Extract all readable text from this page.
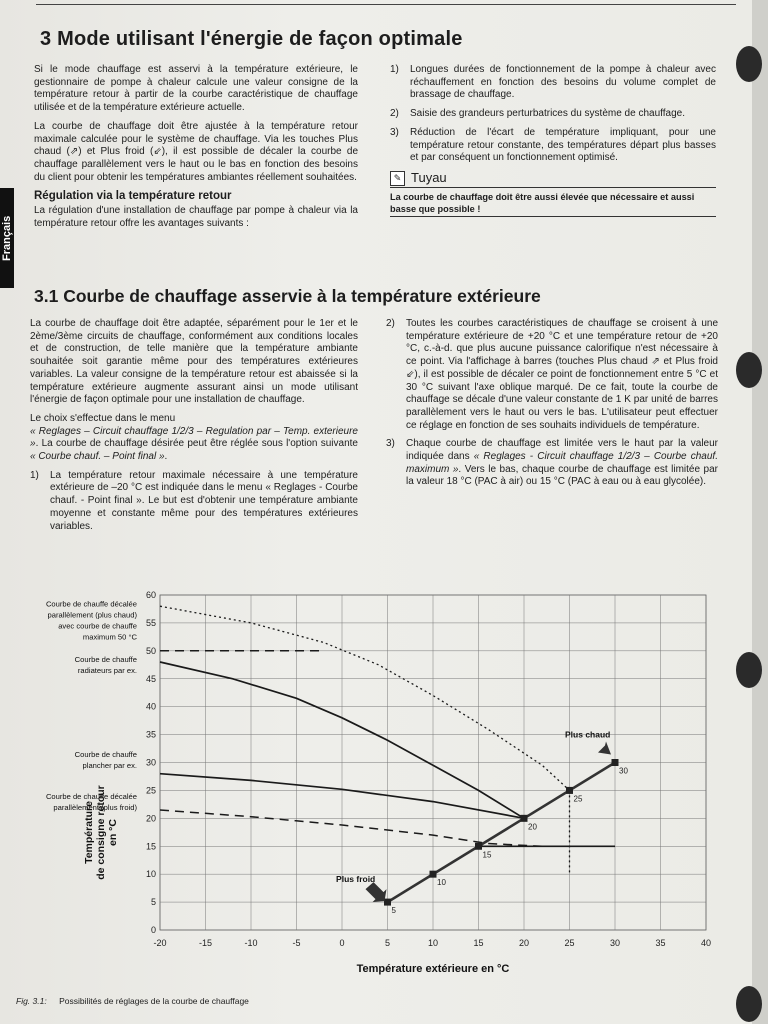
Français
3 Mode utilisant l'énergie de façon optimale

Si le mode chauffage est asservi à la température extérieure, le gestionnaire de pompe à chaleur calcule une valeur consigne de la température retour à partir de la courbe caractéristique de chauffage utilisée et de la température extérieure actuelle.

La courbe de chauffage doit être ajustée à la température retour maximale calculée pour le système de chauffage. Via les touches Plus chaud (⇗) et Plus froid (⇙), il est possible de décaler la courbe de chauffage parallèlement vers le haut ou le bas en fonction des besoins du client pour obtenir les températures ambiantes réellement souhaitées.

Régulation via la température retour

La régulation d'une installation de chauffage par pompe à chaleur via la température retour offre les avantages suivants :

1)	Longues durées de fonctionnement de la pompe à chaleur avec réchauffement en fonction des besoins du volume complet de brassage de chauffage.
2)	Saisie des grandeurs perturbatrices du système de chauffage.
3)	Réduction de l'écart de température impliquant, pour une température retour constante, des températures départ plus basses et par conséquent un fonctionnement optimisé.
✎ Tuyau
La courbe de chauffage doit être aussi élevée que nécessaire et aussi basse que possible !
3.1 Courbe de chauffage asservie à la température extérieure

La courbe de chauffage doit être adaptée, séparément pour le 1er et le 2ème/3ème circuits de chauffage, conformément aux conditions locales et de construction, de telle manière que la température ambiante souhaitée soit garantie même pour des températures extérieures variables. La valeur consigne de la température retour est abaissée si la température extérieure augmente assurant ainsi un mode utilisant l'énergie de façon optimale pour une installation de chauffage.

Le choix s'effectue dans le menu

« Reglages – Circuit chauffage 1/2/3 – Regulation par – Temp. exterieure ». La courbe de chauffage désirée peut être réglée sous l'option suivante « Courbe chauf. – Point final ».

1)	La température retour maximale nécessaire à une température extérieure de –20 °C est indiquée dans le menu « Reglages - Courbe chauf. - Point final ». Le but est d'obtenir une température ambiante moyenne et constante même pour des températures extérieures variables.
2)	Toutes les courbes caractéristiques de chauffage se croisent à une température extérieure de +20 °C et une température retour de +20 °C, c.-à-d. que plus aucune puissance calorifique n'est nécessaire à ce point. Via l'affichage à barres (touches Plus chaud ⇗ et Plus froid ⇙), il est possible de décaler ce point de fonctionnement entre 5 °C et 30 °C suivant l'axe oblique marqué. De ce fait, toute la courbe de chauffage se décale d'une valeur constante de 1 K par unité de barres parallèlement vers le haut ou vers le bas. L'utilisateur peut effectuer ce réglage en fonction de ses souhaits individuels de température.
3)	Chaque courbe de chauffage est limitée vers le haut par la valeur indiquée dans « Reglages - Circuit chauffage 1/2/3 – Courbe chauf. maximum ». Vers le bas, chaque courbe de chauffage est limitée par la valeur 18 °C (PAC à air) ou 15 °C (PAC à eau ou à eau glycolée).
-20	-15	-10	-5	0	5	10	15	20	25	30	35	40
0
5
10
15
20
25
30
35
40
45
50
55
60
Température extérieure en °C
Température de consigne retour en °C
5
10
15
20
25
30
Plus chaud
Plus froid
Courbe de chauffe décalée
parallèlement (plus chaud)
avec courbe de chauffe
maximum 50 °C
Courbe de chauffe
radiateurs par ex.
Courbe de chauffe
plancher par ex.
Courbe de chauffe décalée
parallèlement (plus froid)
Fig. 3.1: Possibilités de réglages de la courbe de chauffage
